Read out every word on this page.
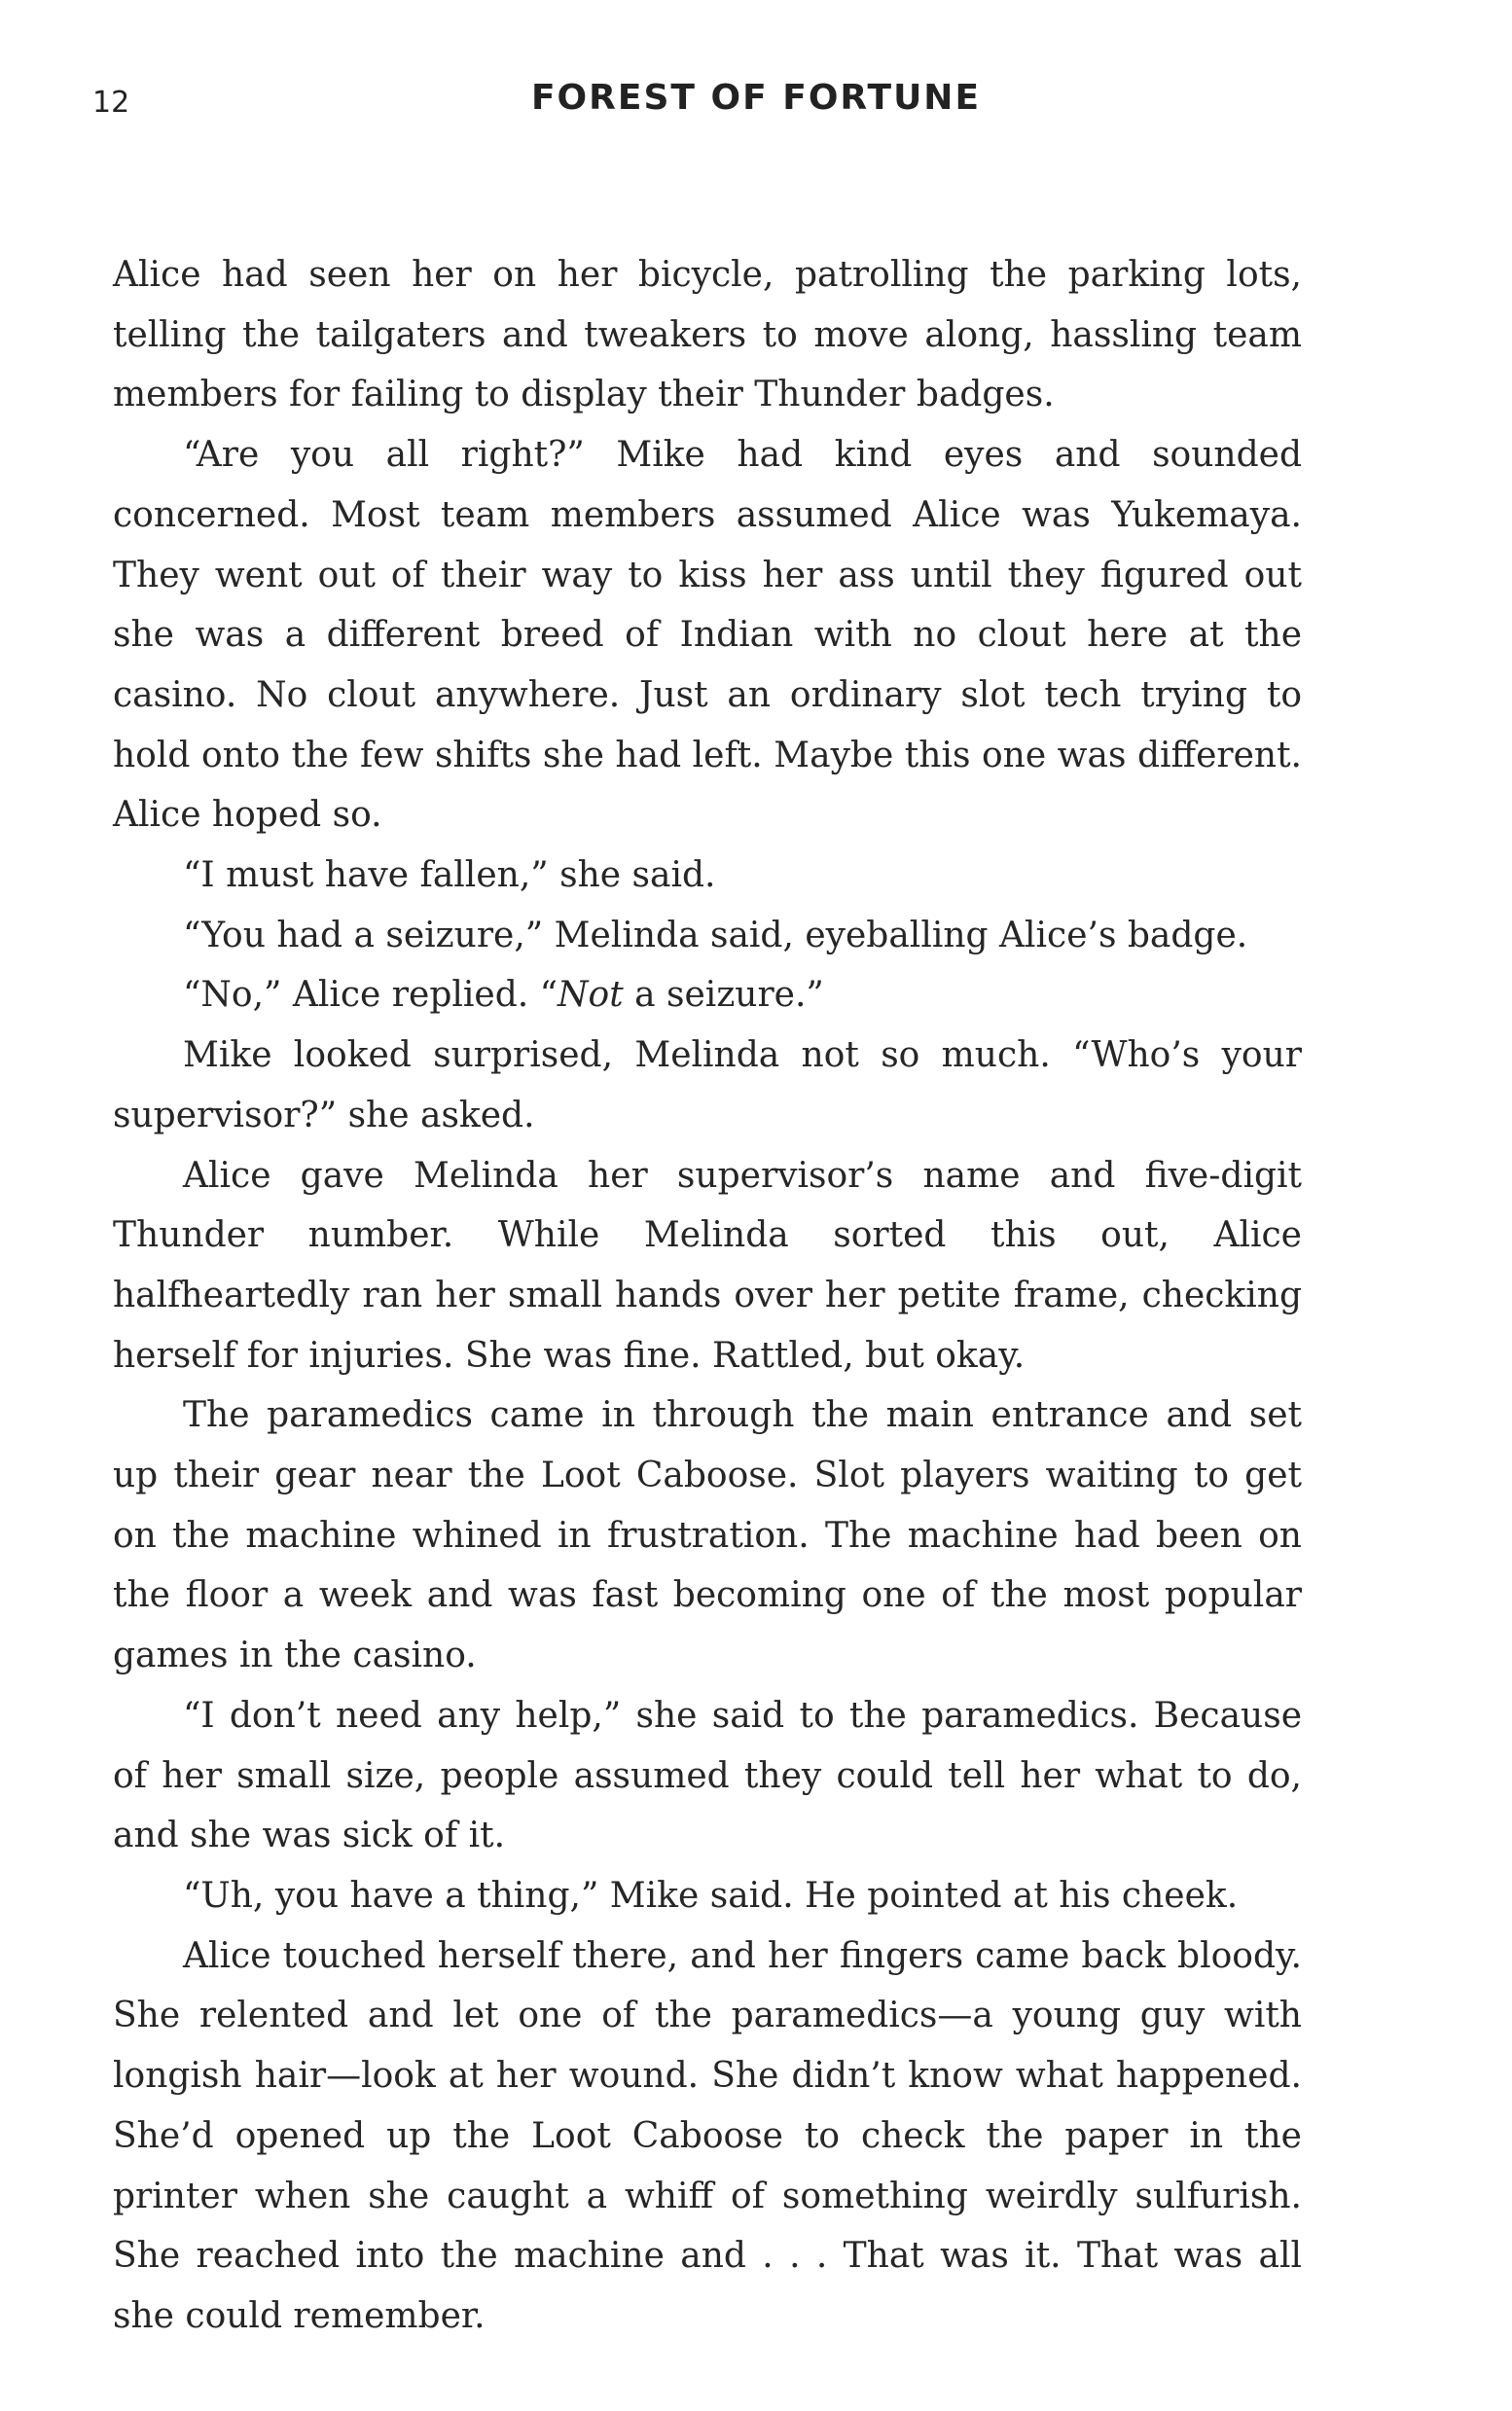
12	FOREST OF FORTUNE

Alice had seen her on her bicycle, patrolling the parking lots, telling the tailgaters and tweakers to move along, hassling team members for failing to display their Thunder badges.

“Are you all right?” Mike had kind eyes and sounded concerned. Most team members assumed Alice was Yukemaya. They went out of their way to kiss her ass until they figured out she was a different breed of Indian with no clout here at the casino. No clout anywhere. Just an ordinary slot tech trying to hold onto the few shifts she had left. Maybe this one was different. Alice hoped so.

“I must have fallen,” she said.

“You had a seizure,” Melinda said, eyeballing Alice’s badge.

“No,” Alice replied. “Not a seizure.”

Mike looked surprised, Melinda not so much. “Who’s your supervisor?” she asked.

Alice gave Melinda her supervisor’s name and five-digit Thunder number. While Melinda sorted this out, Alice halfheartedly ran her small hands over her petite frame, checking herself for injuries. She was fine. Rattled, but okay.

The paramedics came in through the main entrance and set up their gear near the Loot Caboose. Slot players waiting to get on the machine whined in frustration. The machine had been on the floor a week and was fast becoming one of the most popular games in the casino.

“I don’t need any help,” she said to the paramedics. Because of her small size, people assumed they could tell her what to do, and she was sick of it.

“Uh, you have a thing,” Mike said. He pointed at his cheek.

Alice touched herself there, and her fingers came back bloody. She relented and let one of the paramedics—a young guy with longish hair—look at her wound. She didn’t know what happened. She’d opened up the Loot Caboose to check the paper in the printer when she caught a whiff of something weirdly sulfurish. She reached into the machine and . . . That was it. That was all she could remember.
